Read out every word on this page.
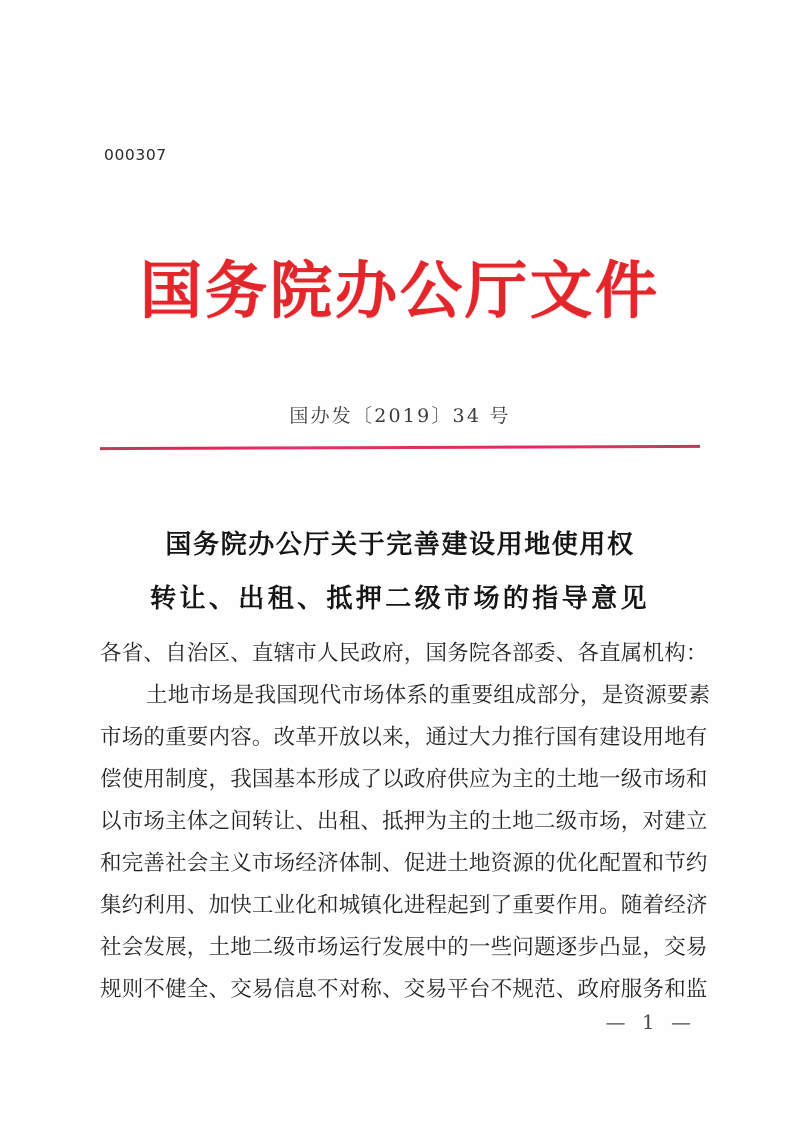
000307
国务院办公厅文件
国办发〔2019〕34 号
国务院办公厅关于完善建设用地使用权
转让、出租、抵押二级市场的指导意见
各省、自治区、直辖市人民政府，国务院各部委、各直属机构：
土地市场是我国现代市场体系的重要组成部分，是资源要素
市场的重要内容。改革开放以来，通过大力推行国有建设用地有
偿使用制度，我国基本形成了以政府供应为主的土地一级市场和
以市场主体之间转让、出租、抵押为主的土地二级市场，对建立
和完善社会主义市场经济体制、促进土地资源的优化配置和节约
集约利用、加快工业化和城镇化进程起到了重要作用。随着经济
社会发展，土地二级市场运行发展中的一些问题逐步凸显，交易
规则不健全、交易信息不对称、交易平台不规范、政府服务和监
— 1 —
